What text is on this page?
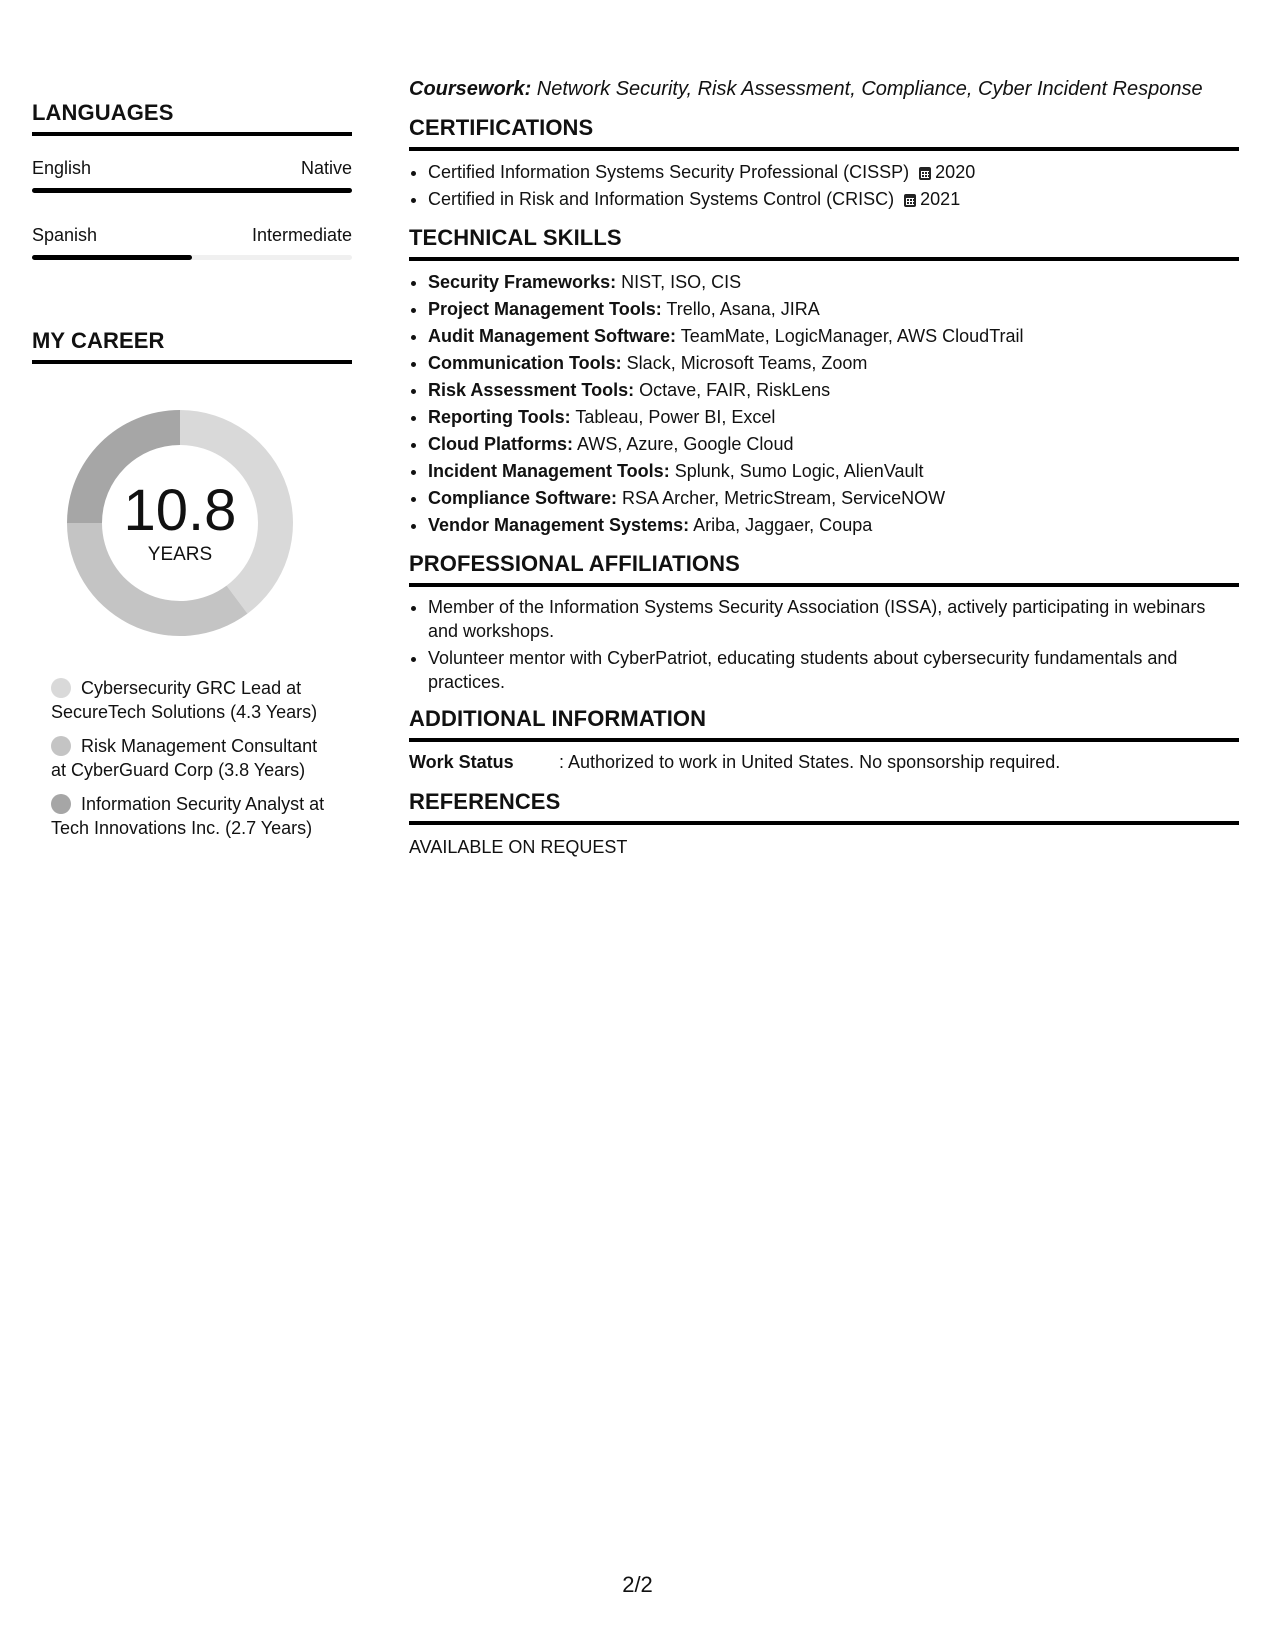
LANGUAGES
English	Native
Spanish	Intermediate
MY CAREER
10.8
YEARS
Cybersecurity GRC Lead at SecureTech Solutions (4.3 Years)
Risk Management Consultant at CyberGuard Corp (3.8 Years)
Information Security Analyst at Tech Innovations Inc. (2.7 Years)

Coursework: Network Security, Risk Assessment, Compliance, Cyber Incident Response

CERTIFICATIONS
• Certified Information Systems Security Professional (CISSP) 2020
• Certified in Risk and Information Systems Control (CRISC) 2021
TECHNICAL SKILLS
• Security Frameworks: NIST, ISO, CIS
• Project Management Tools: Trello, Asana, JIRA
• Audit Management Software: TeamMate, LogicManager, AWS CloudTrail
• Communication Tools: Slack, Microsoft Teams, Zoom
• Risk Assessment Tools: Octave, FAIR, RiskLens
• Reporting Tools: Tableau, Power BI, Excel
• Cloud Platforms: AWS, Azure, Google Cloud
• Incident Management Tools: Splunk, Sumo Logic, AlienVault
• Compliance Software: RSA Archer, MetricStream, ServiceNOW
• Vendor Management Systems: Ariba, Jaggaer, Coupa
PROFESSIONAL AFFILIATIONS
• Member of the Information Systems Security Association (ISSA), actively participating in webinars and workshops.
• Volunteer mentor with CyberPatriot, educating students about cybersecurity fundamentals and practices.
ADDITIONAL INFORMATION
Work Status	: Authorized to work in United States. No sponsorship required.
REFERENCES
AVAILABLE ON REQUEST
2/2
